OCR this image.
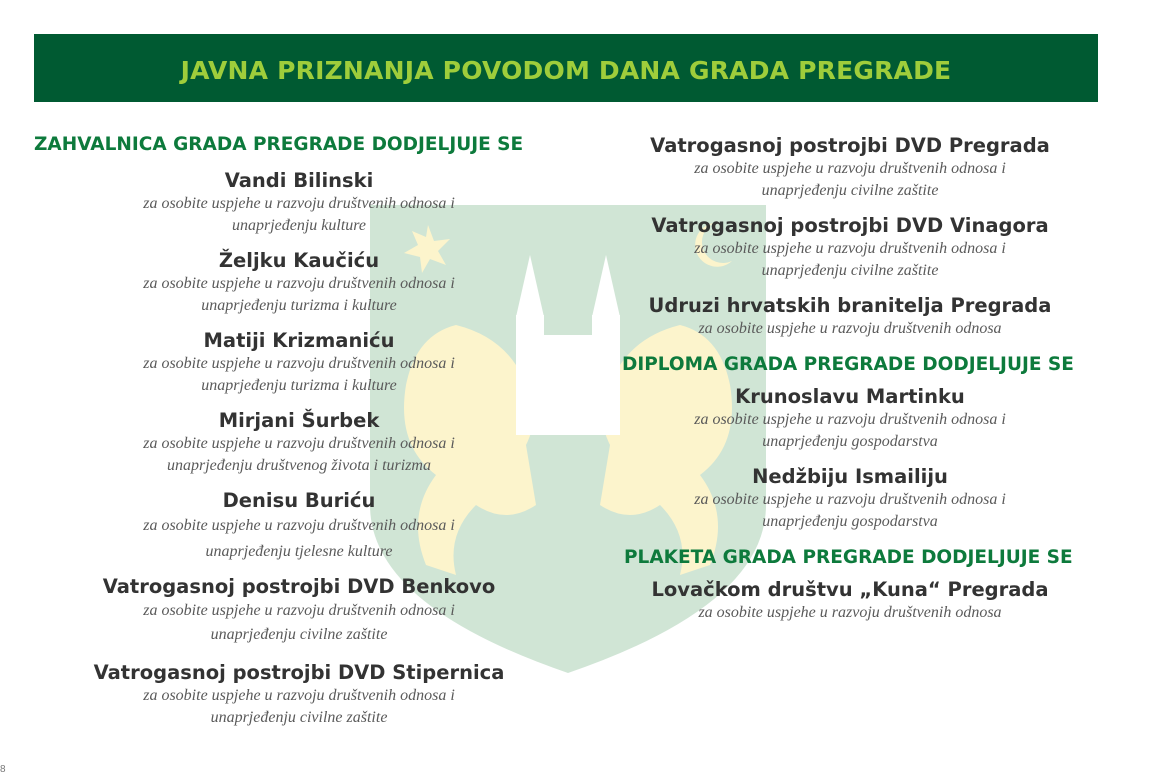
JAVNA PRIZNANJA POVODOM DANA GRADA PREGRADE
ZAHVALNICA GRADA PREGRADE DODJELJUJE SE
Vandi Bilinski
za osobite uspjehe u razvoju društvenih odnosa i
unaprjeđenju kulture
Željku Kaučiću
za osobite uspjehe u razvoju društvenih odnosa i
unaprjeđenju turizma i kulture
Matiji Krizmaniću
za osobite uspjehe u razvoju društvenih odnosa i
unaprjeđenju turizma i kulture
Mirjani Šurbek
za osobite uspjehe u razvoju društvenih odnosa i
unaprjeđenju društvenog života i turizma
Denisu Buriću
za osobite uspjehe u razvoju društvenih odnosa i
unaprjeđenju tjelesne kulture
Vatrogasnoj postrojbi DVD Benkovo
za osobite uspjehe u razvoju društvenih odnosa i
unaprjeđenju civilne zaštite
Vatrogasnoj postrojbi DVD Stipernica
za osobite uspjehe u razvoju društvenih odnosa i
unaprjeđenju civilne zaštite
Vatrogasnoj postrojbi DVD Pregrada
za osobite uspjehe u razvoju društvenih odnosa i
unaprjeđenju civilne zaštite
Vatrogasnoj postrojbi DVD Vinagora
za osobite uspjehe u razvoju društvenih odnosa i
unaprjeđenju civilne zaštite
Udruzi hrvatskih branitelja Pregrada
za osobite uspjehe u razvoju društvenih odnosa
DIPLOMA GRADA PREGRADE DODJELJUJE SE
Krunoslavu Martinku
za osobite uspjehe u razvoju društvenih odnosa i
unaprjeđenju gospodarstva
Nedžbiju Ismailiju
za osobite uspjehe u razvoju društvenih odnosa i
unaprjeđenju gospodarstva
PLAKETA GRADA PREGRADE DODJELJUJE SE
Lovačkom društvu „Kuna“ Pregrada
za osobite uspjehe u razvoju društvenih odnosa
8
